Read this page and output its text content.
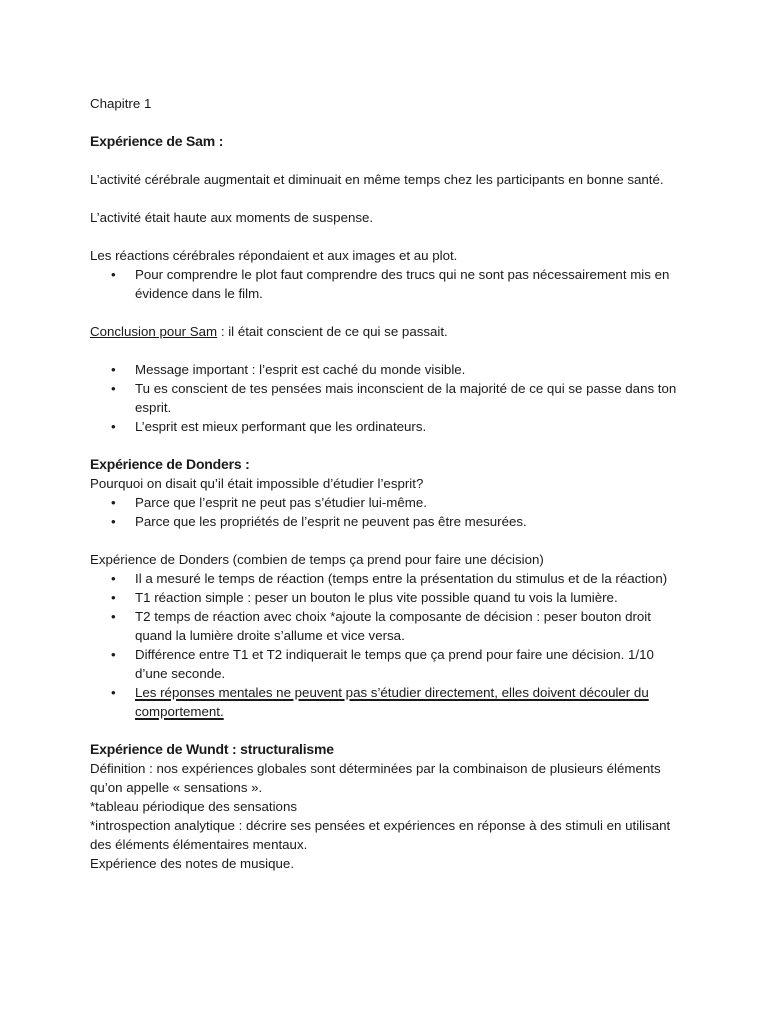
Chapitre 1

Expérience de Sam :

L’activité cérébrale augmentait et diminuait en même temps chez les participants en bonne santé.

L’activité était haute aux moments de suspense.

Les réactions cérébrales répondaient et aux images et au plot.

• Pour comprendre le plot faut comprendre des trucs qui ne sont pas nécessairement mis en évidence dans le film.

Conclusion pour Sam : il était conscient de ce qui se passait.

• Message important : l’esprit est caché du monde visible.
• Tu es conscient de tes pensées mais inconscient de la majorité de ce qui se passe dans ton esprit.
• L’esprit est mieux performant que les ordinateurs.

Expérience de Donders :

Pourquoi on disait qu’il était impossible d’étudier l’esprit?

• Parce que l’esprit ne peut pas s’étudier lui-même.
• Parce que les propriétés de l’esprit ne peuvent pas être mesurées.

Expérience de Donders (combien de temps ça prend pour faire une décision)

• Il a mesuré le temps de réaction (temps entre la présentation du stimulus et de la réaction)
• T1 réaction simple : peser un bouton le plus vite possible quand tu vois la lumière.
• T2 temps de réaction avec choix *ajoute la composante de décision : peser bouton droit quand la lumière droite s’allume et vice versa.
• Différence entre T1 et T2 indiquerait le temps que ça prend pour faire une décision. 1/10 d’une seconde.
• Les réponses mentales ne peuvent pas s’étudier directement, elles doivent découler du comportement.

Expérience de Wundt : structuralisme

Définition : nos expériences globales sont déterminées par la combinaison de plusieurs éléments qu’on appelle « sensations ».

*tableau périodique des sensations

*introspection analytique : décrire ses pensées et expériences en réponse à des stimuli en utilisant des éléments élémentaires mentaux.

Expérience des notes de musique.
